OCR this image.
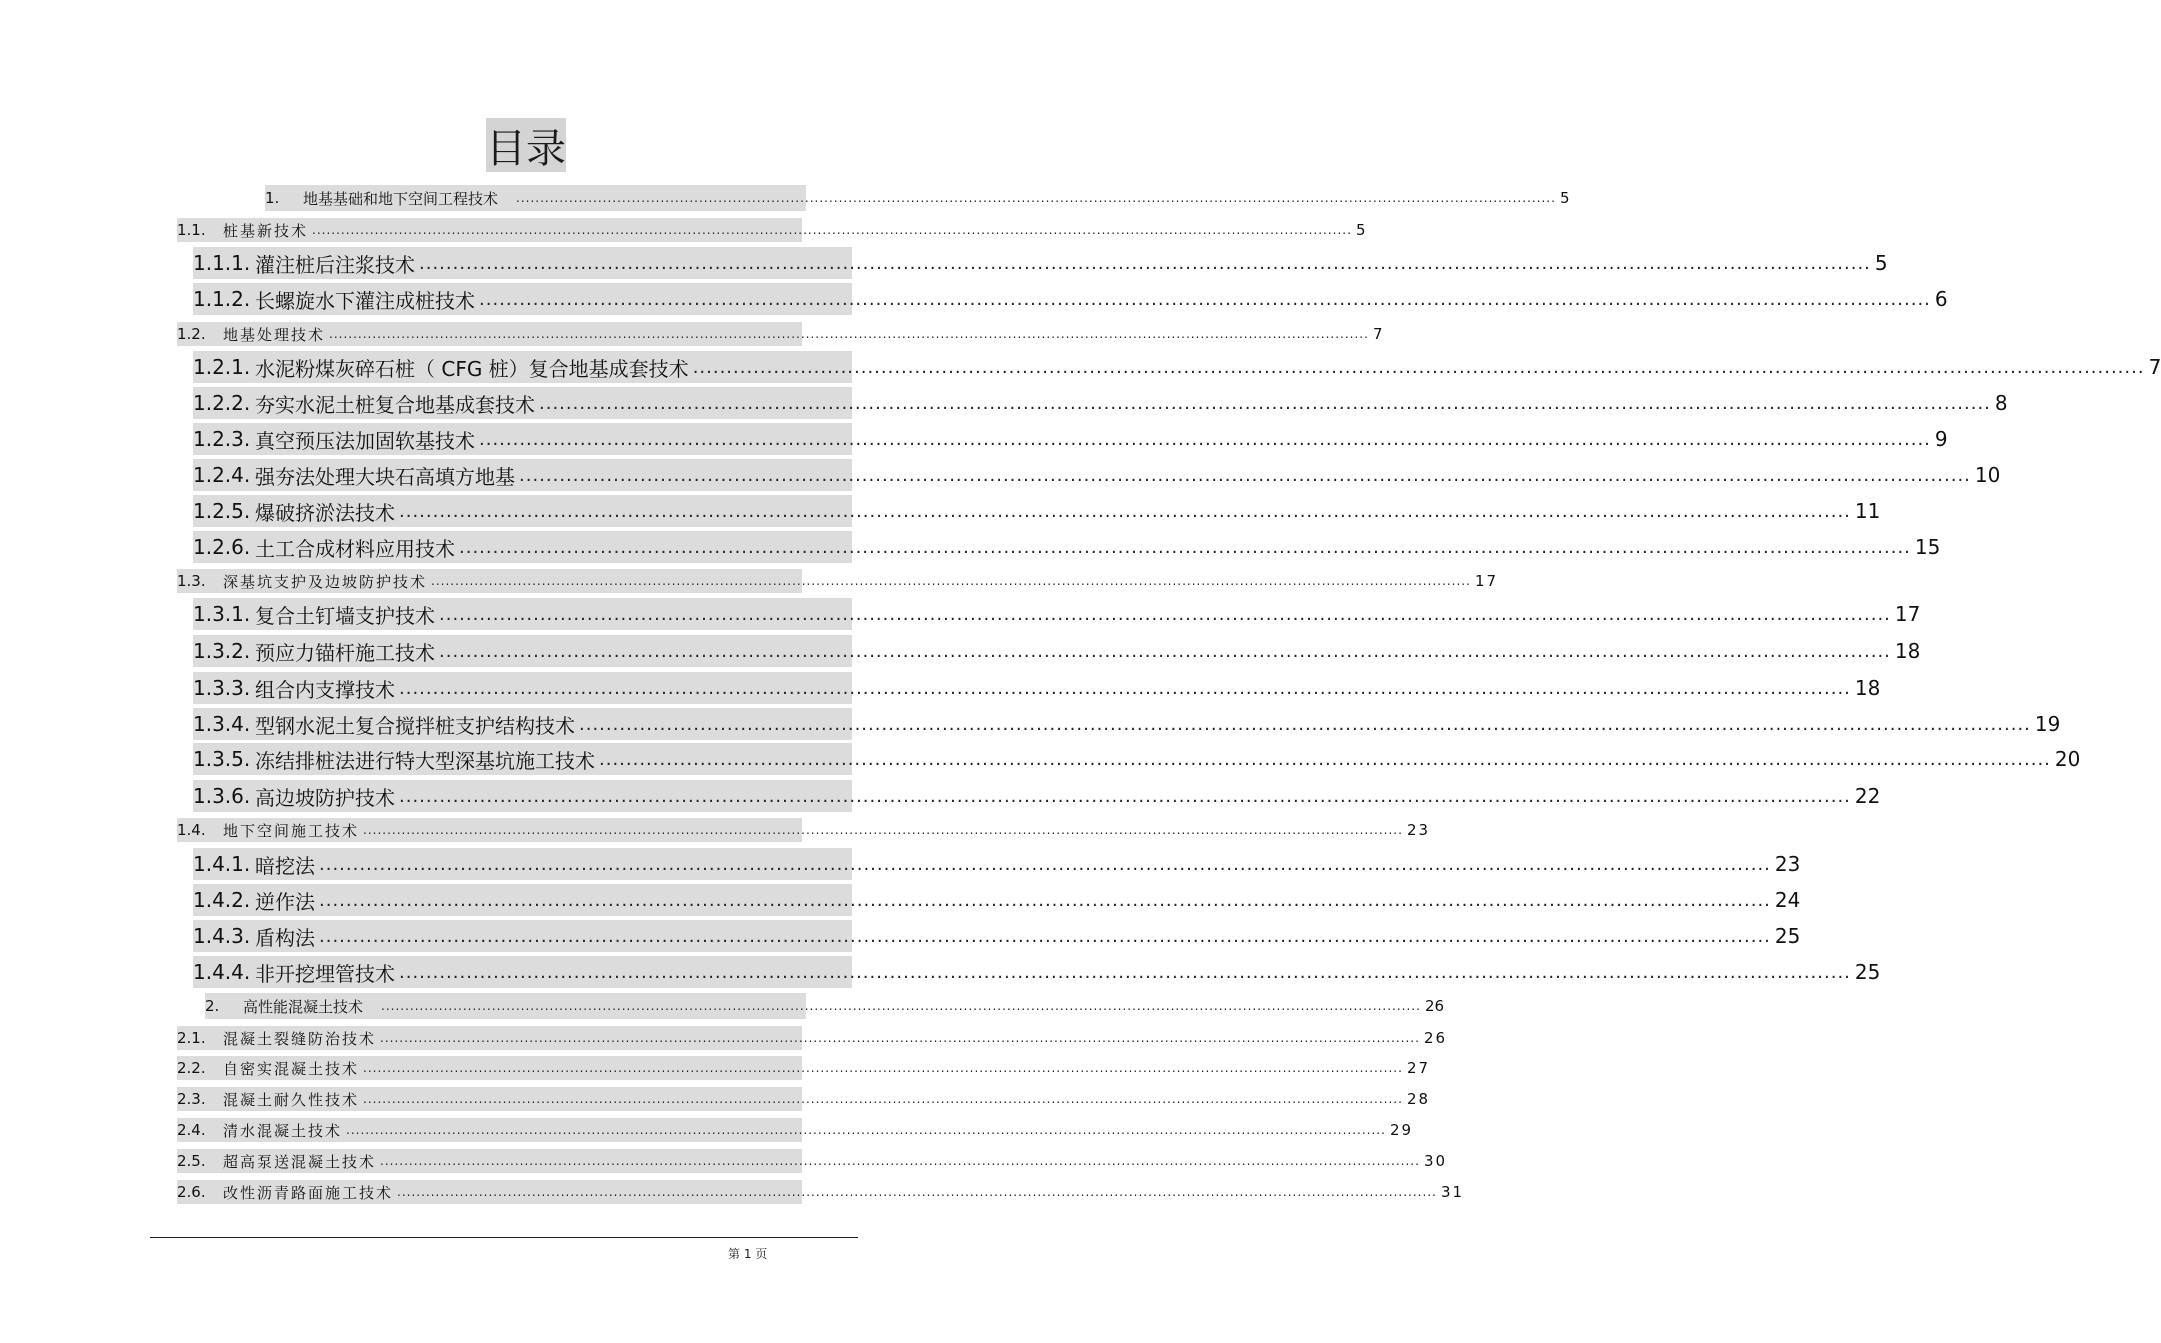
目录
1.	地基基础和地下空间工程技术 ........................................................................................................................................................................................................................ 5
1.1.	桩基新技术 ........................................................................................................................................................................................................................ 5
1.1.1. 灌注桩后注浆技术 ........................................................................................................................................................................................................................ 5
1.1.2. 长螺旋水下灌注成桩技术 ........................................................................................................................................................................................................................ 6
1.2.	地基处理技术 ........................................................................................................................................................................................................................ 7
1.2.1. 水泥粉煤灰碎石桩（ CFG 桩）复合地基成套技术 ........................................................................................................................................................................................................................ 7
1.2.2. 夯实水泥土桩复合地基成套技术 ........................................................................................................................................................................................................................ 8
1.2.3. 真空预压法加固软基技术 ........................................................................................................................................................................................................................ 9
1.2.4. 强夯法处理大块石高填方地基 ........................................................................................................................................................................................................................ 10
1.2.5. 爆破挤淤法技术 ........................................................................................................................................................................................................................ 11
1.2.6. 土工合成材料应用技术 ........................................................................................................................................................................................................................ 15
1.3.	深基坑支护及边坡防护技术 ........................................................................................................................................................................................................................ 17
1.3.1. 复合土钉墙支护技术 ........................................................................................................................................................................................................................ 17
1.3.2. 预应力锚杆施工技术 ........................................................................................................................................................................................................................ 18
1.3.3. 组合内支撑技术 ........................................................................................................................................................................................................................ 18
1.3.4. 型钢水泥土复合搅拌桩支护结构技术 ........................................................................................................................................................................................................................ 19
1.3.5. 冻结排桩法进行特大型深基坑施工技术 ........................................................................................................................................................................................................................ 20
1.3.6. 高边坡防护技术 ........................................................................................................................................................................................................................ 22
1.4.	地下空间施工技术 ........................................................................................................................................................................................................................ 23
1.4.1. 暗挖法 ........................................................................................................................................................................................................................ 23
1.4.2. 逆作法 ........................................................................................................................................................................................................................ 24
1.4.3. 盾构法 ........................................................................................................................................................................................................................ 25
1.4.4. 非开挖埋管技术 ........................................................................................................................................................................................................................ 25
2.	高性能混凝土技术 ........................................................................................................................................................................................................................ 26
2.1.	混凝土裂缝防治技术 ........................................................................................................................................................................................................................ 26
2.2.	自密实混凝土技术 ........................................................................................................................................................................................................................ 27
2.3.	混凝土耐久性技术 ........................................................................................................................................................................................................................ 28
2.4.	清水混凝土技术 ........................................................................................................................................................................................................................ 29
2.5.	超高泵送混凝土技术 ........................................................................................................................................................................................................................ 30
2.6.	改性沥青路面施工技术 ........................................................................................................................................................................................................................ 31
第 1 页
